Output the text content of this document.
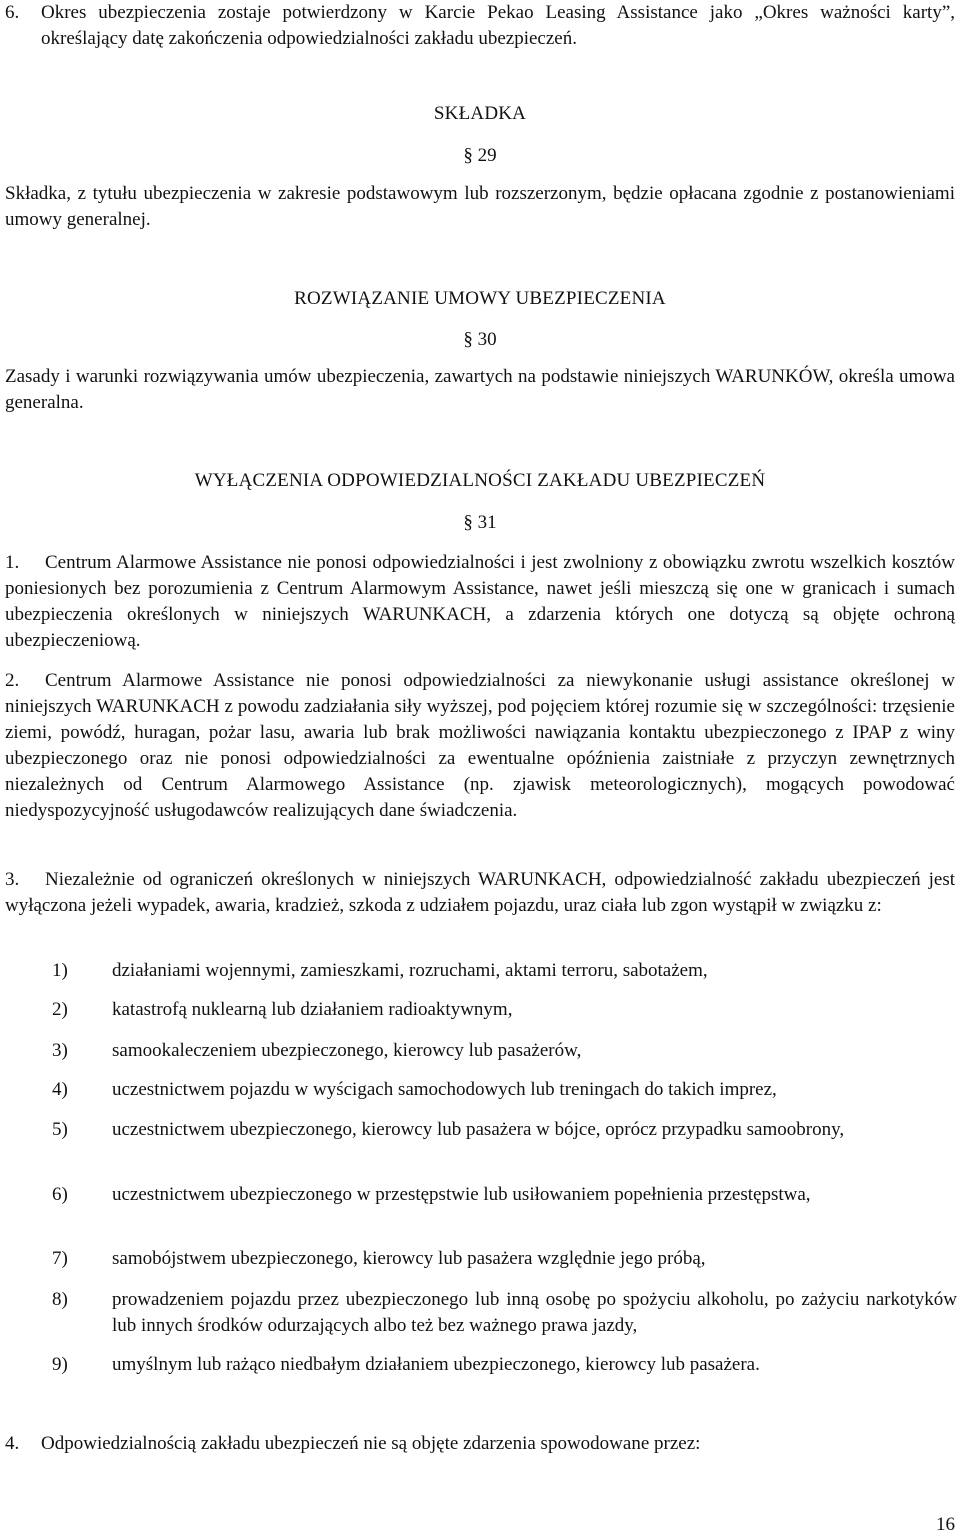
6.	Okres ubezpieczenia zostaje potwierdzony w Karcie Pekao Leasing Assistance jako „Okres ważności karty”, określający datę zakończenia odpowiedzialności zakładu ubezpieczeń.
SKŁADKA
§ 29
Składka, z tytułu ubezpieczenia w zakresie podstawowym lub rozszerzonym, będzie opłacana zgodnie z postanowieniami umowy generalnej.
ROZWIĄZANIE UMOWY UBEZPIECZENIA
§ 30
Zasady i warunki rozwiązywania umów ubezpieczenia, zawartych na podstawie niniejszych WARUNKÓW, określa umowa generalna.
WYŁĄCZENIA ODPOWIEDZIALNOŚCI ZAKŁADU UBEZPIECZEŃ
§ 31
1.	Centrum Alarmowe Assistance nie ponosi odpowiedzialności i jest zwolniony z obowiązku zwrotu wszelkich kosztów poniesionych bez porozumienia z Centrum Alarmowym Assistance, nawet jeśli mieszczą się one w granicach i sumach ubezpieczenia określonych w niniejszych WARUNKACH, a zdarzenia których one dotyczą są objęte ochroną ubezpieczeniową.
2.	Centrum Alarmowe Assistance nie ponosi odpowiedzialności za niewykonanie usługi assistance określonej w niniejszych WARUNKACH z powodu zadziałania siły wyższej, pod pojęciem której rozumie się w szczególności: trzęsienie ziemi, powódź, huragan, pożar lasu, awaria lub brak możliwości nawiązania kontaktu ubezpieczonego z IPAP z winy ubezpieczonego oraz nie ponosi odpowiedzialności za ewentualne opóźnienia zaistniałe z przyczyn zewnętrznych niezależnych od Centrum Alarmowego Assistance (np. zjawisk meteorologicznych), mogących powodować niedyspozycyjność usługodawców realizujących dane świadczenia.
3.	Niezależnie od ograniczeń określonych w niniejszych WARUNKACH, odpowiedzialność zakładu ubezpieczeń jest wyłączona jeżeli wypadek, awaria, kradzież, szkoda z udziałem pojazdu, uraz ciała lub zgon wystąpił w związku z:
1)	działaniami wojennymi, zamieszkami, rozruchami, aktami terroru, sabotażem,
2)	katastrofą nuklearną lub działaniem radioaktywnym,
3)	samookaleczeniem ubezpieczonego, kierowcy lub pasażerów,
4)	uczestnictwem pojazdu w wyścigach samochodowych lub treningach do takich imprez,
5)	uczestnictwem ubezpieczonego, kierowcy lub pasażera w bójce, oprócz przypadku samoobrony,
6)	uczestnictwem ubezpieczonego w przestępstwie lub usiłowaniem popełnienia przestępstwa,
7)	samobójstwem ubezpieczonego, kierowcy lub pasażera względnie jego próbą,
8)	prowadzeniem pojazdu przez ubezpieczonego lub inną osobę po spożyciu alkoholu, po zażyciu narkotyków lub innych środków odurzających albo też bez ważnego prawa jazdy,
9)	umyślnym lub rażąco niedbałym działaniem ubezpieczonego, kierowcy lub pasażera.
4.	Odpowiedzialnością zakładu ubezpieczeń nie są objęte zdarzenia spowodowane przez:
16
